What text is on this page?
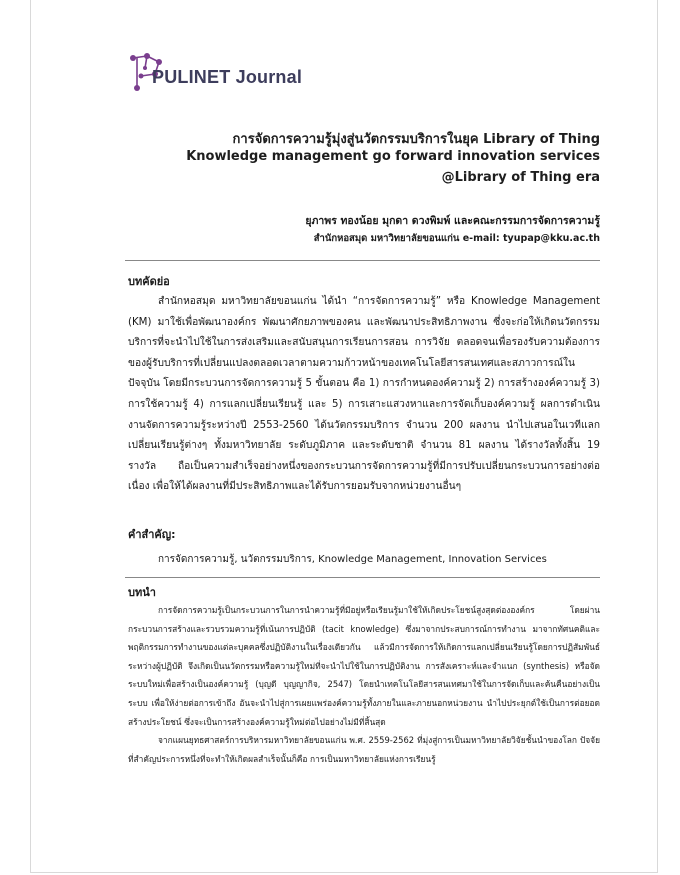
PULINET Journal
การจัดการความรู้มุ่งสู่นวัตกรรมบริการในยุค Library of Thing
Knowledge management go forward innovation services
@Library of Thing era
ยุภาพร ทองน้อย มุกดา ดวงพิมพ์ และคณะกรรมการจัดการความรู้
สำนักหอสมุด มหาวิทยาลัยขอนแก่น e-mail: tyupap@kku.ac.th
บทคัดย่อ
สำนักหอสมุด มหาวิทยาลัยขอนแก่น ได้นำ “การจัดการความรู้” หรือ Knowledge Management (KM) มาใช้เพื่อพัฒนาองค์กร พัฒนาศักยภาพของคน และพัฒนาประสิทธิภาพงาน ซึ่งจะก่อให้เกิดนวัตกรรมบริการที่จะนำไปใช้ในการส่งเสริมและสนับสนุนการเรียนการสอน การวิจัย ตลอดจนเพื่อรองรับความต้องการของผู้รับบริการที่เปลี่ยนแปลงตลอดเวลาตามความก้าวหน้าของเทคโนโลยีสารสนเทศและสภาวการณ์ในปัจจุบัน โดยมีกระบวนการจัดการความรู้ 5 ขั้นตอน คือ 1) การกำหนดองค์ความรู้ 2) การสร้างองค์ความรู้ 3) การใช้ความรู้ 4) การแลกเปลี่ยนเรียนรู้ และ 5) การเสาะแสวงหาและการจัดเก็บองค์ความรู้ ผลการดำเนินงานจัดการความรู้ระหว่างปี 2553-2560 ได้นวัตกรรมบริการ จำนวน 200 ผลงาน นำไปเสนอในเวทีแลกเปลี่ยนเรียนรู้ต่างๆ ทั้งมหาวิทยาลัย ระดับภูมิภาค และระดับชาติ จำนวน 81 ผลงาน ได้รางวัลทั้งสิ้น 19 รางวัล ถือเป็นความสำเร็จอย่างหนึ่งของกระบวนการจัดการความรู้ที่มีการปรับเปลี่ยนกระบวนการอย่างต่อเนื่อง เพื่อให้ได้ผลงานที่มีประสิทธิภาพและได้รับการยอมรับจากหน่วยงานอื่นๆ
คำสำคัญ:
การจัดการความรู้, นวัตกรรมบริการ, Knowledge Management, Innovation Services
บทนำ

การจัดการความรู้เป็นกระบวนการในการนำความรู้ที่มีอยู่หรือเรียนรู้มาใช้ให้เกิดประโยชน์สูงสุดต่ององค์กร โดยผ่านกระบวนการสร้างและรวบรวมความรู้ที่เน้นการปฏิบัติ (tacit knowledge) ซึ่งมาจากประสบการณ์การทำงาน มาจากทัศนคติและพฤติกรรมการทำงานของแต่ละบุคคลซึ่งปฏิบัติงานในเรื่องเดียวกัน แล้วมีการจัดการให้เกิดการแลกเปลี่ยนเรียนรู้โดยการปฏิสัมพันธ์ระหว่างผู้ปฏิบัติ จึงเกิดเป็นนวัตกรรมหรือความรู้ใหม่ที่จะนำไปใช้ในการปฏิบัติงาน การสังเคราะห์และจำแนก (synthesis) หรือจัดระบบใหม่เพื่อสร้างเป็นองค์ความรู้ (บุญดี บุญญากิจ, 2547) โดยนำเทคโนโลยีสารสนเทศมาใช้ในการจัดเก็บและค้นคืนอย่างเป็นระบบ เพื่อให้ง่ายต่อการเข้าถึง อันจะนำไปสู่การเผยแพร่องค์ความรู้ทั้งภายในและภายนอกหน่วยงาน นำไปประยุกต์ใช้เป็นการต่อยอดสร้างประโยชน์ ซึ่งจะเป็นการสร้างองค์ความรู้ใหม่ต่อไปอย่างไม่มีที่สิ้นสุด

จากแผนยุทธศาสตร์การบริหารมหาวิทยาลัยขอนแก่น พ.ศ. 2559-2562 ที่มุ่งสู่การเป็นมหาวิทยาลัยวิจัยชั้นนำของโลก ปัจจัยที่สำคัญประการหนึ่งที่จะทำให้เกิดผลสำเร็จนั้นก็คือ การเป็นมหาวิทยาลัยแห่งการเรียนรู้
